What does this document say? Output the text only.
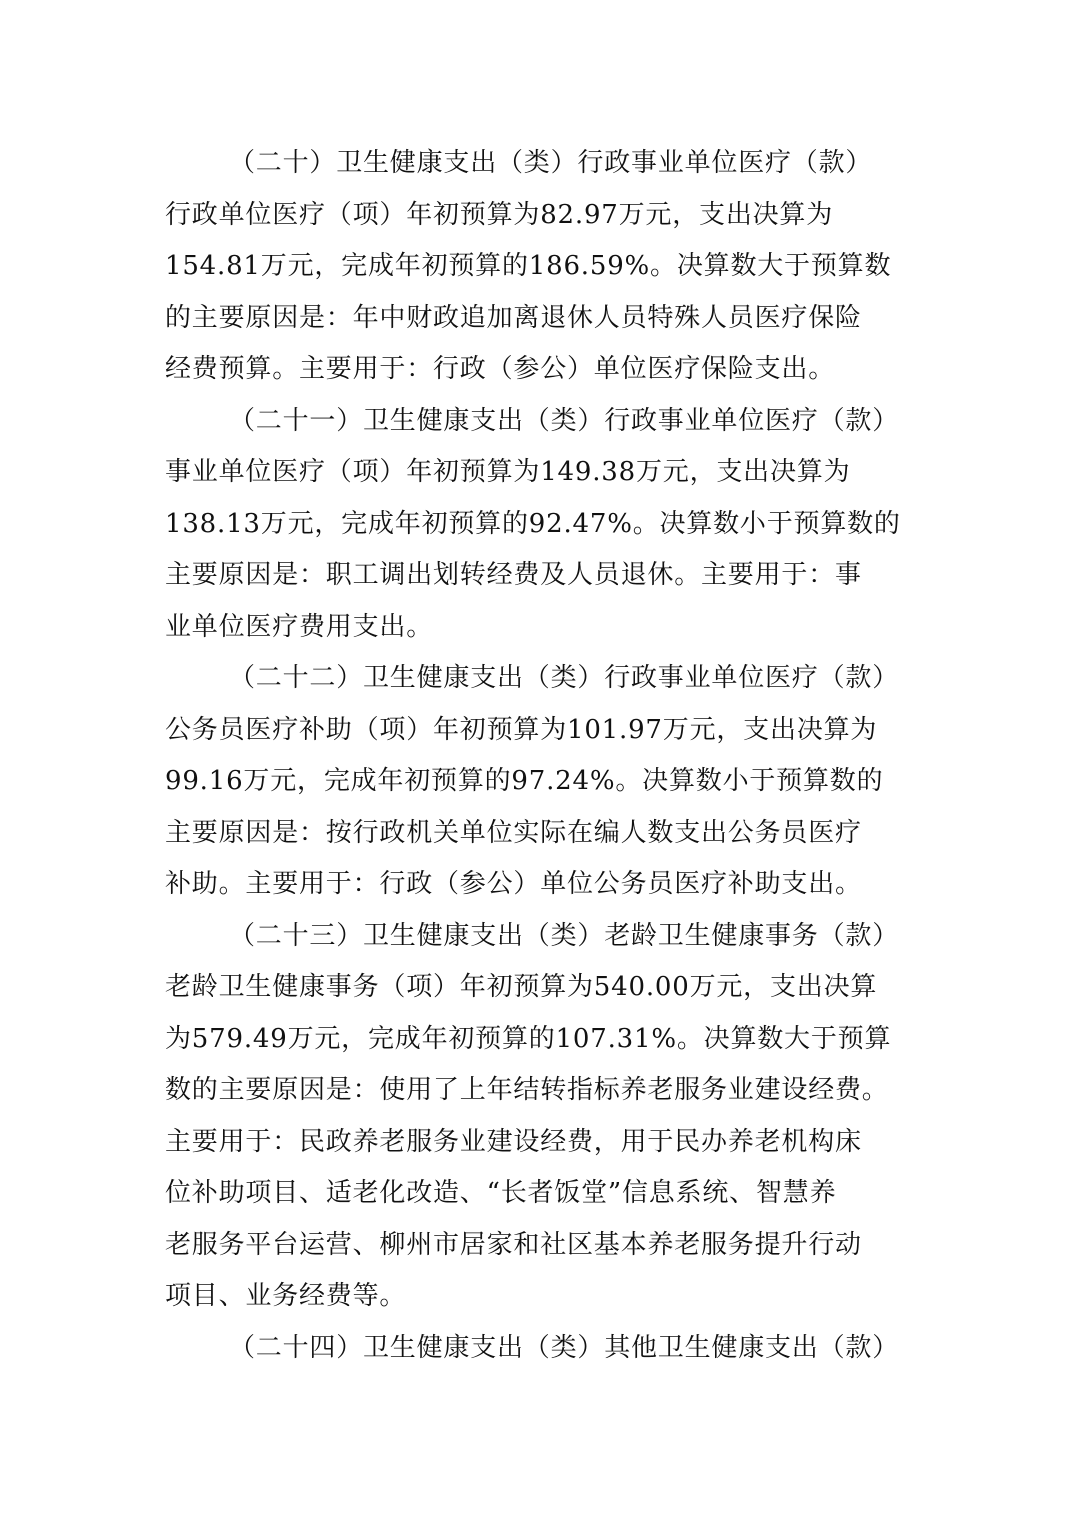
（二十）卫生健康支出（类）行政事业单位医疗（款）
行政单位医疗（项）年初预算为82.97万元，支出决算为
154.81万元，完成年初预算的186.59%。决算数大于预算数
的主要原因是：年中财政追加离退休人员特殊人员医疗保险
经费预算。主要用于：行政（参公）单位医疗保险支出。
（二十一）卫生健康支出（类）行政事业单位医疗（款）
事业单位医疗（项）年初预算为149.38万元，支出决算为
138.13万元，完成年初预算的92.47%。决算数小于预算数的
主要原因是：职工调出划转经费及人员退休。主要用于：事
业单位医疗费用支出。
（二十二）卫生健康支出（类）行政事业单位医疗（款）
公务员医疗补助（项）年初预算为101.97万元，支出决算为
99.16万元，完成年初预算的97.24%。决算数小于预算数的
主要原因是：按行政机关单位实际在编人数支出公务员医疗
补助。主要用于：行政（参公）单位公务员医疗补助支出。
（二十三）卫生健康支出（类）老龄卫生健康事务（款）
老龄卫生健康事务（项）年初预算为540.00万元，支出决算
为579.49万元，完成年初预算的107.31%。决算数大于预算
数的主要原因是：使用了上年结转指标养老服务业建设经费。
主要用于：民政养老服务业建设经费，用于民办养老机构床
位补助项目、适老化改造、“长者饭堂”信息系统、智慧养
老服务平台运营、柳州市居家和社区基本养老服务提升行动
项目、业务经费等。
（二十四）卫生健康支出（类）其他卫生健康支出（款）
